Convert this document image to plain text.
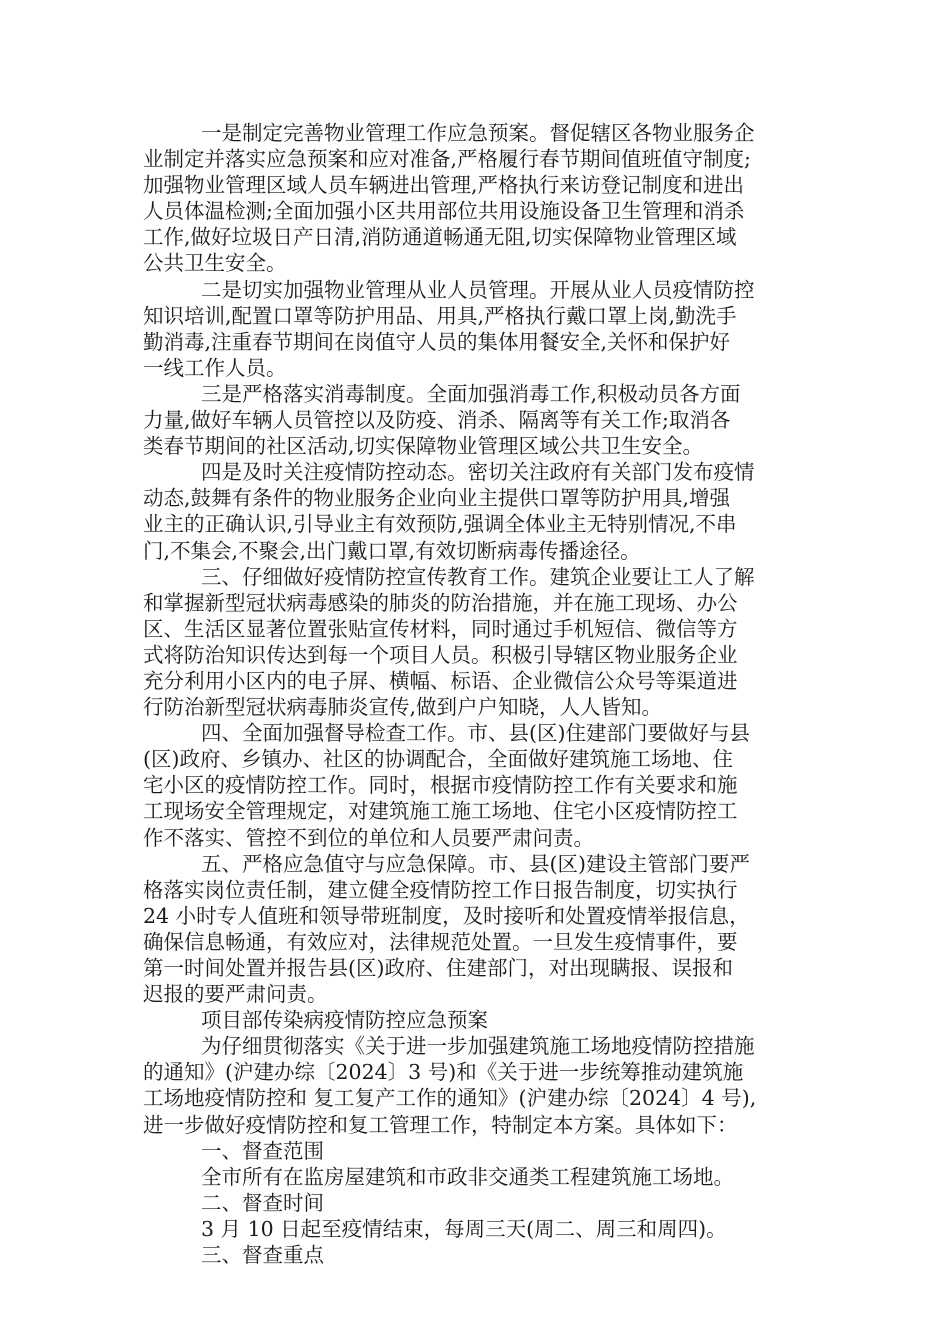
一是制定完善物业管理工作应急预案。督促辖区各物业服务企
业制定并落实应急预案和应对准备,严格履行春节期间值班值守制度;
加强物业管理区域人员车辆进出管理,严格执行来访登记制度和进出
人员体温检测;全面加强小区共用部位共用设施设备卫生管理和消杀
工作,做好垃圾日产日清,消防通道畅通无阻,切实保障物业管理区域
公共卫生安全。
二是切实加强物业管理从业人员管理。开展从业人员疫情防控
知识培训,配置口罩等防护用品、用具,严格执行戴口罩上岗,勤洗手
勤消毒,注重春节期间在岗值守人员的集体用餐安全,关怀和保护好
一线工作人员。
三是严格落实消毒制度。全面加强消毒工作,积极动员各方面
力量,做好车辆人员管控以及防疫、消杀、隔离等有关工作;取消各
类春节期间的社区活动,切实保障物业管理区域公共卫生安全。
四是及时关注疫情防控动态。密切关注政府有关部门发布疫情
动态,鼓舞有条件的物业服务企业向业主提供口罩等防护用具,增强
业主的正确认识,引导业主有效预防,强调全体业主无特别情况,不串
门,不集会,不聚会,出门戴口罩,有效切断病毒传播途径。
三、仔细做好疫情防控宣传教育工作。建筑企业要让工人了解
和掌握新型冠状病毒感染的肺炎的防治措施，并在施工现场、办公
区、生活区显著位置张贴宣传材料，同时通过手机短信、微信等方
式将防治知识传达到每一个项目人员。积极引导辖区物业服务企业
充分利用小区内的电子屏、横幅、标语、企业微信公众号等渠道进
行防治新型冠状病毒肺炎宣传,做到户户知晓，人人皆知。
四、全面加强督导检查工作。市、县(区)住建部门要做好与县
(区)政府、乡镇办、社区的协调配合，全面做好建筑施工场地、住
宅小区的疫情防控工作。同时，根据市疫情防控工作有关要求和施
工现场安全管理规定，对建筑施工施工场地、住宅小区疫情防控工
作不落实、管控不到位的单位和人员要严肃问责。
五、严格应急值守与应急保障。市、县(区)建设主管部门要严
格落实岗位责任制，建立健全疫情防控工作日报告制度，切实执行
24 小时专人值班和领导带班制度，及时接听和处置疫情举报信息，
确保信息畅通，有效应对，法律规范处置。一旦发生疫情事件，要
第一时间处置并报告县(区)政府、住建部门，对出现瞒报、误报和
迟报的要严肃问责。
项目部传染病疫情防控应急预案
为仔细贯彻落实《关于进一步加强建筑施工场地疫情防控措施
的通知》(沪建办综〔2024〕3 号)和《关于进一步统筹推动建筑施
工场地疫情防控和 复工复产工作的通知》(沪建办综〔2024〕4 号),
进一步做好疫情防控和复工管理工作，特制定本方案。具体如下：
一、督查范围
全市所有在监房屋建筑和市政非交通类工程建筑施工场地。
二、督查时间
3 月 10 日起至疫情结束，每周三天(周二、周三和周四)。
三、督查重点
